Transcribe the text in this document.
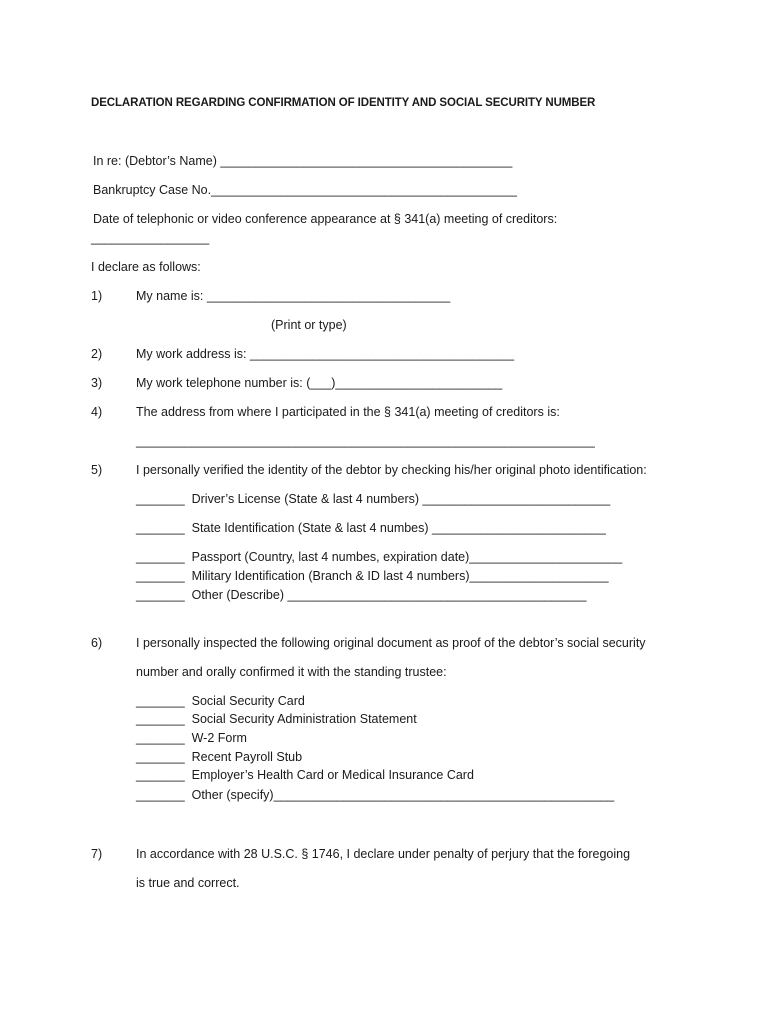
DECLARATION REGARDING CONFIRMATION OF IDENTITY AND SOCIAL SECURITY NUMBER
In re: (Debtor’s Name) __________________________________________
Bankruptcy Case No.____________________________________________
Date of telephonic or video conference appearance at § 341(a) meeting of creditors:
_________________
I declare as follows:
1)	My name is: ___________________________________
(Print or type)
2)	My work address is: ______________________________________
3)	My work telephone number is: (___)________________________
4)	The address from where I participated in the § 341(a) meeting of creditors is:
__________________________________________________________________
5)	I personally verified the identity of the debtor by checking his/her original photo identification:
_______  Driver’s License (State & last 4 numbers) ___________________________
_______  State Identification (State & last 4 numbes) _________________________
_______  Passport (Country, last 4 numbes, expiration date)______________________
_______  Military Identification (Branch & ID last 4 numbers)____________________
_______  Other (Describe) ___________________________________________
6)	I personally inspected the following original document as proof of the debtor’s social security
number and orally confirmed it with the standing trustee:
_______  Social Security Card
_______  Social Security Administration Statement
_______  W-2 Form
_______  Recent Payroll Stub
_______  Employer’s Health Card or Medical Insurance Card
_______  Other (specify)_________________________________________________
7)	In accordance with 28 U.S.C. § 1746, I declare under penalty of perjury that the foregoing
is true and correct.
